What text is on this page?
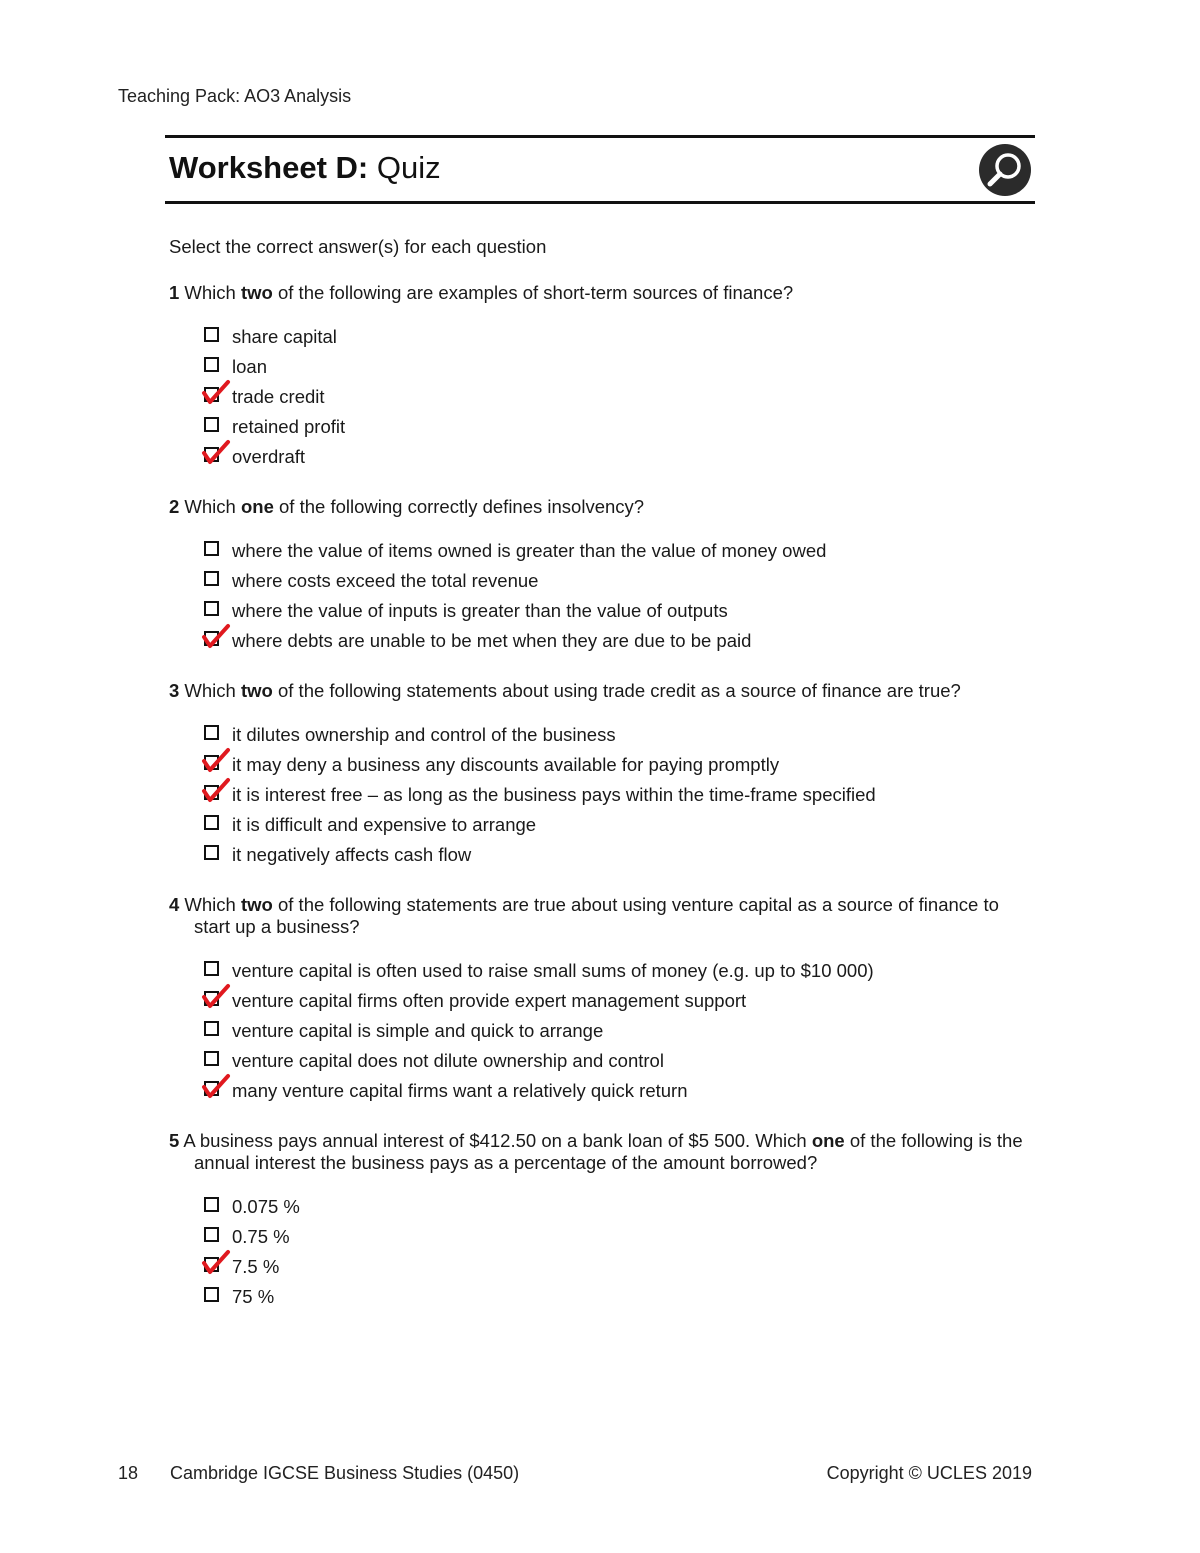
Teaching Pack: AO3 Analysis
Worksheet D: Quiz

Select the correct answer(s) for each question

1 Which two of the following are examples of short-term sources of finance?

share capital
loan
trade credit
retained profit
overdraft

2 Which one of the following correctly defines insolvency?

where the value of items owned is greater than the value of money owed
where costs exceed the total revenue
where the value of inputs is greater than the value of outputs
where debts are unable to be met when they are due to be paid

3 Which two of the following statements about using trade credit as a source of finance are true?

it dilutes ownership and control of the business
it may deny a business any discounts available for paying promptly
it is interest free – as long as the business pays within the time-frame specified
it is difficult and expensive to arrange
it negatively affects cash flow

4 Which two of the following statements are true about using venture capital as a source of finance to start up a business?

venture capital is often used to raise small sums of money (e.g. up to $10 000)
venture capital firms often provide expert management support
venture capital is simple and quick to arrange
venture capital does not dilute ownership and control
many venture capital firms want a relatively quick return

5 A business pays annual interest of $412.50 on a bank loan of $5 500. Which one of the following is the annual interest the business pays as a percentage of the amount borrowed?

0.075 %
0.75 %
7.5 %
75 %
18 Cambridge IGCSE Business Studies (0450)	Copyright © UCLES 2019
